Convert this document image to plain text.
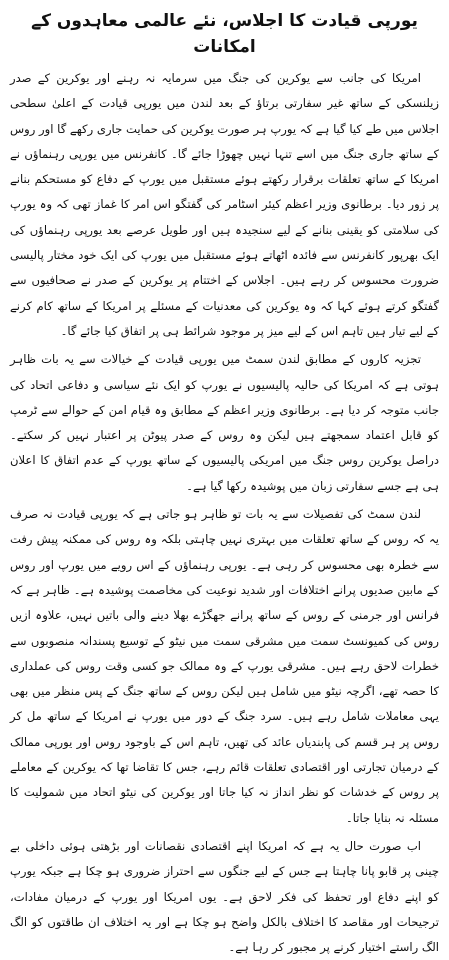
یورپی قیادت کا اجلاس، نئے عالمی معاہدوں کے امکانات

امریکا کی جانب سے یوکرین کی جنگ میں سرمایہ نہ رہنے اور یوکرین کے صدر زیلنسکی کے ساتھ غیر سفارتی برتاؤ کے بعد لندن میں یورپی قیادت کے اعلیٰ سطحی اجلاس میں طے کیا گیا ہے کہ یورپ ہر صورت یوکرین کی حمایت جاری رکھے گا اور روس کے ساتھ جاری جنگ میں اسے تنہا نہیں چھوڑا جائے گا۔ کانفرنس میں یورپی رہنماؤں نے امریکا کے ساتھ تعلقات برقرار رکھتے ہوئے مستقبل میں یورپ کے دفاع کو مستحکم بنانے پر زور دیا۔ برطانوی وزیر اعظم کیئر اسٹامر کی گفتگو اس امر کا غماز تھی کہ وہ یورپ کی سلامتی کو یقینی بنانے کے لیے سنجیدہ ہیں اور طویل عرصے بعد یورپی رہنماؤں کی ایک بھرپور کانفرنس سے فائدہ اٹھاتے ہوئے مستقبل میں یورپ کی ایک خود مختار پالیسی ضرورت محسوس کر رہے ہیں۔ اجلاس کے اختتام پر یوکرین کے صدر نے صحافیوں سے گفتگو کرتے ہوئے کہا کہ وہ یوکرین کی معدنیات کے مسئلے پر امریکا کے ساتھ کام کرنے کے لیے تیار ہیں تاہم اس کے لیے میز پر موجود شرائط ہی پر اتفاق کیا جائے گا۔

تجزیہ کاروں کے مطابق لندن سمٹ میں یورپی قیادت کے خیالات سے یہ بات ظاہر ہوتی ہے کہ امریکا کی حالیہ پالیسیوں نے یورپ کو ایک نئے سیاسی و دفاعی اتحاد کی جانب متوجہ کر دیا ہے۔ برطانوی وزیر اعظم کے مطابق وہ قیام امن کے حوالے سے ٹرمپ کو قابل اعتماد سمجھتے ہیں لیکن وہ روس کے صدر پیوٹن پر اعتبار نہیں کر سکتے۔ دراصل یوکرین روس جنگ میں امریکی پالیسیوں کے ساتھ یورپ کے عدم اتفاق کا اعلان ہی ہے جسے سفارتی زبان میں پوشیدہ رکھا گیا ہے۔

لندن سمٹ کی تفصیلات سے یہ بات تو ظاہر ہو جاتی ہے کہ یورپی قیادت نہ صرف یہ کہ روس کے ساتھ تعلقات میں بہتری نہیں چاہتی بلکہ وہ روس کی ممکنہ پیش رفت سے خطرہ بھی محسوس کر رہی ہے۔ یورپی رہنماؤں کے اس رویے میں یورپ اور روس کے مابین صدیوں پرانے اختلافات اور شدید نوعیت کی مخاصمت پوشیدہ ہے۔ ظاہر ہے کہ فرانس اور جرمنی کے روس کے ساتھ پرانے جھگڑے بھلا دینے والی باتیں نہیں، علاوہ ازیں روس کی کمیونسٹ سمت میں مشرقی سمت میں نیٹو کے توسیع پسندانہ منصوبوں سے خطرات لاحق رہے ہیں۔ مشرقی یورپ کے وہ ممالک جو کسی وقت روس کی عملداری کا حصہ تھے، اگرچہ نیٹو میں شامل ہیں لیکن روس کے ساتھ جنگ کے پس منظر میں بھی یہی معاملات شامل رہے ہیں۔ سرد جنگ کے دور میں یورپ نے امریکا کے ساتھ مل کر روس پر ہر قسم کی پابندیاں عائد کی تھیں، تاہم اس کے باوجود روس اور یورپی ممالک کے درمیان تجارتی اور اقتصادی تعلقات قائم رہے، جس کا تقاضا تھا کہ یوکرین کے معاملے پر روس کے خدشات کو نظر انداز نہ کیا جاتا اور یوکرین کی نیٹو اتحاد میں شمولیت کا مسئلہ نہ بنایا جاتا۔

اب صورت حال یہ ہے کہ امریکا اپنے اقتصادی نقصانات اور بڑھتی ہوئی داخلی بے چینی پر قابو پانا چاہتا ہے جس کے لیے جنگوں سے احتراز ضروری ہو چکا ہے جبکہ یورپ کو اپنے دفاع اور تحفظ کی فکر لاحق ہے۔ یوں امریکا اور یورپ کے درمیان مفادات، ترجیحات اور مقاصد کا اختلاف بالکل واضح ہو چکا ہے اور یہ اختلاف ان طاقتوں کو الگ الگ راستے اختیار کرنے پر مجبور کر رہا ہے۔
